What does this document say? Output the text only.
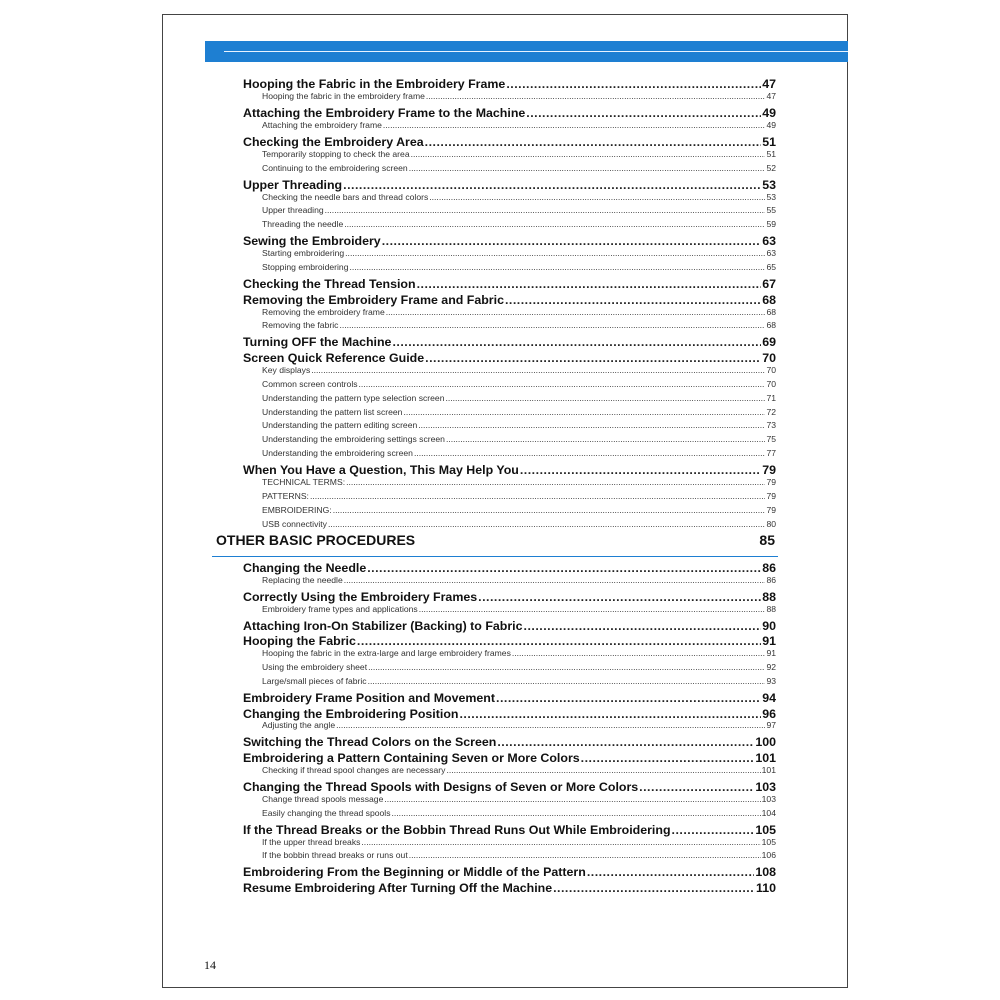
Hooping the Fabric in the Embroidery Frame .....	47
Hooping the fabric in the embroidery frame .....	47
Attaching the Embroidery Frame to the Machine .....	49
Attaching the embroidery frame .....	49
Checking the Embroidery Area .....	51
Temporarily stopping to check the area .....	51
Continuing to the embroidering screen .....	52
Upper Threading .....	53
Checking the needle bars and thread colors .....	53
Upper threading .....	55
Threading the needle .....	59
Sewing the Embroidery .....	63
Starting embroidering .....	63
Stopping embroidering .....	65
Checking the Thread Tension .....	67
Removing the Embroidery Frame and Fabric .....	68
Removing the embroidery frame .....	68
Removing the fabric .....	68
Turning OFF the Machine .....	69
Screen Quick Reference Guide .....	70
Key displays .....	70
Common screen controls .....	70
Understanding the pattern type selection screen .....	71
Understanding the pattern list screen .....	72
Understanding the pattern editing screen .....	73
Understanding the embroidering settings screen .....	75
Understanding the embroidering screen .....	77
When You Have a Question, This May Help You .....	79
TECHNICAL TERMS: .....	79
PATTERNS: .....	79
EMBROIDERING: .....	79
USB connectivity .....	80
OTHER BASIC PROCEDURES	85
Changing the Needle .....	86
Replacing the needle .....	86
Correctly Using the Embroidery Frames .....	88
Embroidery frame types and applications .....	88
Attaching Iron-On Stabilizer (Backing) to Fabric .....	90
Hooping the Fabric .....	91
Hooping the fabric in the extra-large and large embroidery frames .....	91
Using the embroidery sheet .....	92
Large/small pieces of fabric .....	93
Embroidery Frame Position and Movement .....	94
Changing the Embroidering Position .....	96
Adjusting the angle .....	97
Switching the Thread Colors on the Screen .....	100
Embroidering a Pattern Containing Seven or More Colors .....	101
Checking if thread spool changes are necessary .....	101
Changing the Thread Spools with Designs of Seven or More Colors .....	103
Change thread spools message .....	103
Easily changing the thread spools .....	104
If the Thread Breaks or the Bobbin Thread Runs Out While Embroidering .....	105
If the upper thread breaks .....	105
If the bobbin thread breaks or runs out .....	106
Embroidering From the Beginning or Middle of the Pattern .....	108
Resume Embroidering After Turning Off the Machine .....	110
14
